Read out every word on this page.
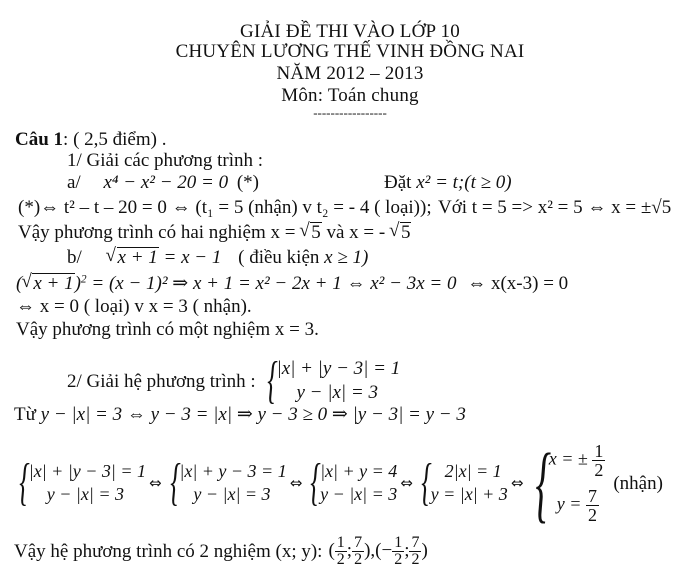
GIẢI ĐỀ THI VÀO LỚP 10
CHUYÊN LƯƠNG THẾ VINH ĐỒNG NAI
NĂM 2012 – 2013
Môn: Toán chung
-----------------
Câu 1: ( 2,5 điểm) .
1/ Giải các phương trình :
a/ x⁴ − x² − 20 = 0 (*)	Đặt x² = t;(t ≥ 0)
(*)⇔ t² – t – 20 = 0 ⇔ (t₁ = 5 (nhận) v t₂ = - 4 ( loại)); Với t = 5 => x² = 5 ⇔ x = ±√5
Vậy phương trình có hai nghiệm x = √ 5 và x = - √ 5
b/ √ x + 1 = x − 1 ( điều kiện x ≥ 1)
( √ x + 1)$^2$ = (x − 1)² ⇒ x + 1 = x² − 2x + 1 ⇔ x² − 3x = 0 ⇔ x(x-3) = 0
⇔ x = 0 ( loại) v x = 3 ( nhận).
Vậy phương trình có một nghiệm x = 3.
2/ Giải hệ phương trình : { |x| + |y − 3| = 1
y − |x| = 3
Từ y − |x| = 3 ⇔ y − 3 = |x| ⇒ y − 3 ≥ 0 ⇒ |y − 3| = y − 3
{ |x| + |y − 3| = 1
y − |x| = 3
⇔ { |x| + y − 3 = 1
y − |x| = 3
⇔ { |x| + y = 4
y − |x| = 3
⇔ { 2|x| = 1
y = |x| + 3
⇔ {
x = ± $\frac{1}{2}$
$y = \frac{7}{2}$
(nhận)
Vậy hệ phương trình có 2 nghiệm (x; y): ( $\frac{1}{2}$ ; $\frac{7}{2}$ ),(− $\frac{1}{2}$ ; $\frac{7}{2}$ )
